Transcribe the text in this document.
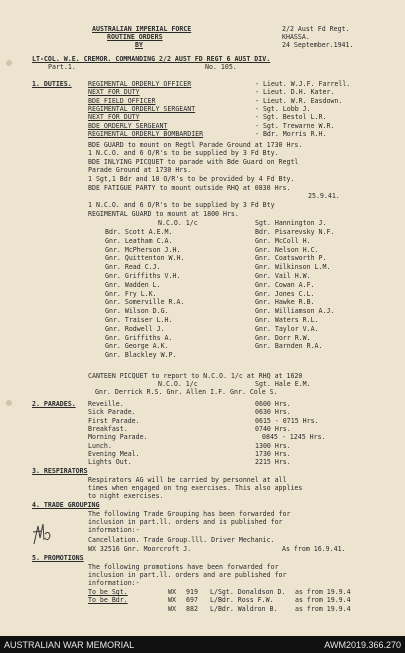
AUSTRALIAN IMPERIAL FORCE
ROUTINE ORDERS
BY
2/2 Aust Fd Regt.
KHASSA.
24 September.1941.
LT-COL. W.E. CREMOR. COMMANDING 2/2 AUST FD REGT 6 AUST DIV.
Part.1.	No. 105.
1. DUTIES. REGIMENTAL ORDERLY OFFICER	- Lieut. W.J.F. Farrell.
NEXT FOR DUTY	- Lieut. D.H. Kater.
BDE FIELD OFFICER	- Lieut. W.R. Easdown.
REGIMENTAL ORDERLY SERGEANT	- Sgt. Lobb J.
NEXT FOR DUTY	- Sgt. Bestol L.R.
BDE ORDERLY SERGEANT	- Sgt. Trewarne W.R.
REGIMENTAL ORDERLY BOMBARDIER	- Bdr. Morris R.H.
BDE GUARD to mount on Regtl Parade Ground at 1730 Hrs.
1 N.C.O. and 6 O/R's to be supplied by 3 Fd Bty.
BDE INLYING PICQUET to parade with Bde Guard on Regtl
Parade Ground at 1730 Hrs.
1 Sgt,1 Bdr and 10 O/R's to be provided by 4 Fd Bty.
BDE FATIGUE PARTY to mount outside RHQ at 0830 Hrs.
25.9.41.
1 N.C.O. and 6 O/R's to be supplied by 3 Fd Bty
REGIMENTAL GUARD to mount at 1800 Hrs.
N.C.O. 1/c	Sgt. Hannington J.
Bdr. Scott A.E.M.	Bdr. Pisarevsky N.F.
Gnr. Leatham C.A.	Gnr. McColl H.
Gnr. McPherson J.H.	Gnr. Nelson H.C.
Gnr. Quittenton W.H.	Gnr. Coatsworth P.
Gnr. Read C.J.	Gnr. Wilkinson L.M.
Gnr. Griffiths V.H.	Gnr. Vail H.W.
Gnr. Wadden L.	Gnr. Cowan A.F.
Gnr. Fry L.K.	Gnr. Jones C.L.
Gnr. Somerville R.A.	Gnr. Hawke R.B.
Gnr. Wilson D.G.	Gnr. Williamson A.J.
Gnr. Traiser L.H.	Gnr. Waters R.L.
Gnr. Rodwell J.	Gnr. Taylor V.A.
Gnr. Griffiths A.	Gnr. Dorr R.W.
Gnr. George A.K.	Gnr. Barnden R.A.
Gnr. Blackley W.P.
CANTEEN PICQUET to report to N.C.O. 1/c at RHQ at 1620
N.C.O. 1/c	Sgt. Hale E.M.
Gnr. Derrick R.S. Gnr. Allen I.F. Gnr. Cole S.
2. PARADES. Reveille.	0600 Hrs.
Sick Parade.	0630 Hrs.
First Parade.	0615 - 0715 Hrs.
Breakfast.	0740 Hrs.
Morning Parade.	0845 - 1245 Hrs.
Lunch.	1300 Hrs.
Evening Meal.	1730 Hrs.
Lights Out.	2215 Hrs.
3. RESPIRATORS
Respirators AG will be carried by personnel at all
times when engaged on tng exercises. This also applies
to night exercises.
4. TRADE GROUPING
The following Trade Grouping has been forwarded for
inclusion in part.ll. orders and is published for
information:-
Cancellation. Trade Group.lll. Driver Mechanic.
WX 32516 Gnr. Moorcroft J.	As from 16.9.41.
5. PROMOTIONS
The following promotions have been forwarded for
inclusion in part.ll. orders and are published for
information:-
To be Sgt.	WX 919 L/Sgt. Donaldson D. as from 19.9.4
To be Bdr.	WX 697 L/Bdr. Ross F.W.	as from 19.9.4
WX 882 L/Bdr. Waldron B.	as from 19.9.4
AUSTRALIAN WAR MEMORIAL	AWM2019.366.270
